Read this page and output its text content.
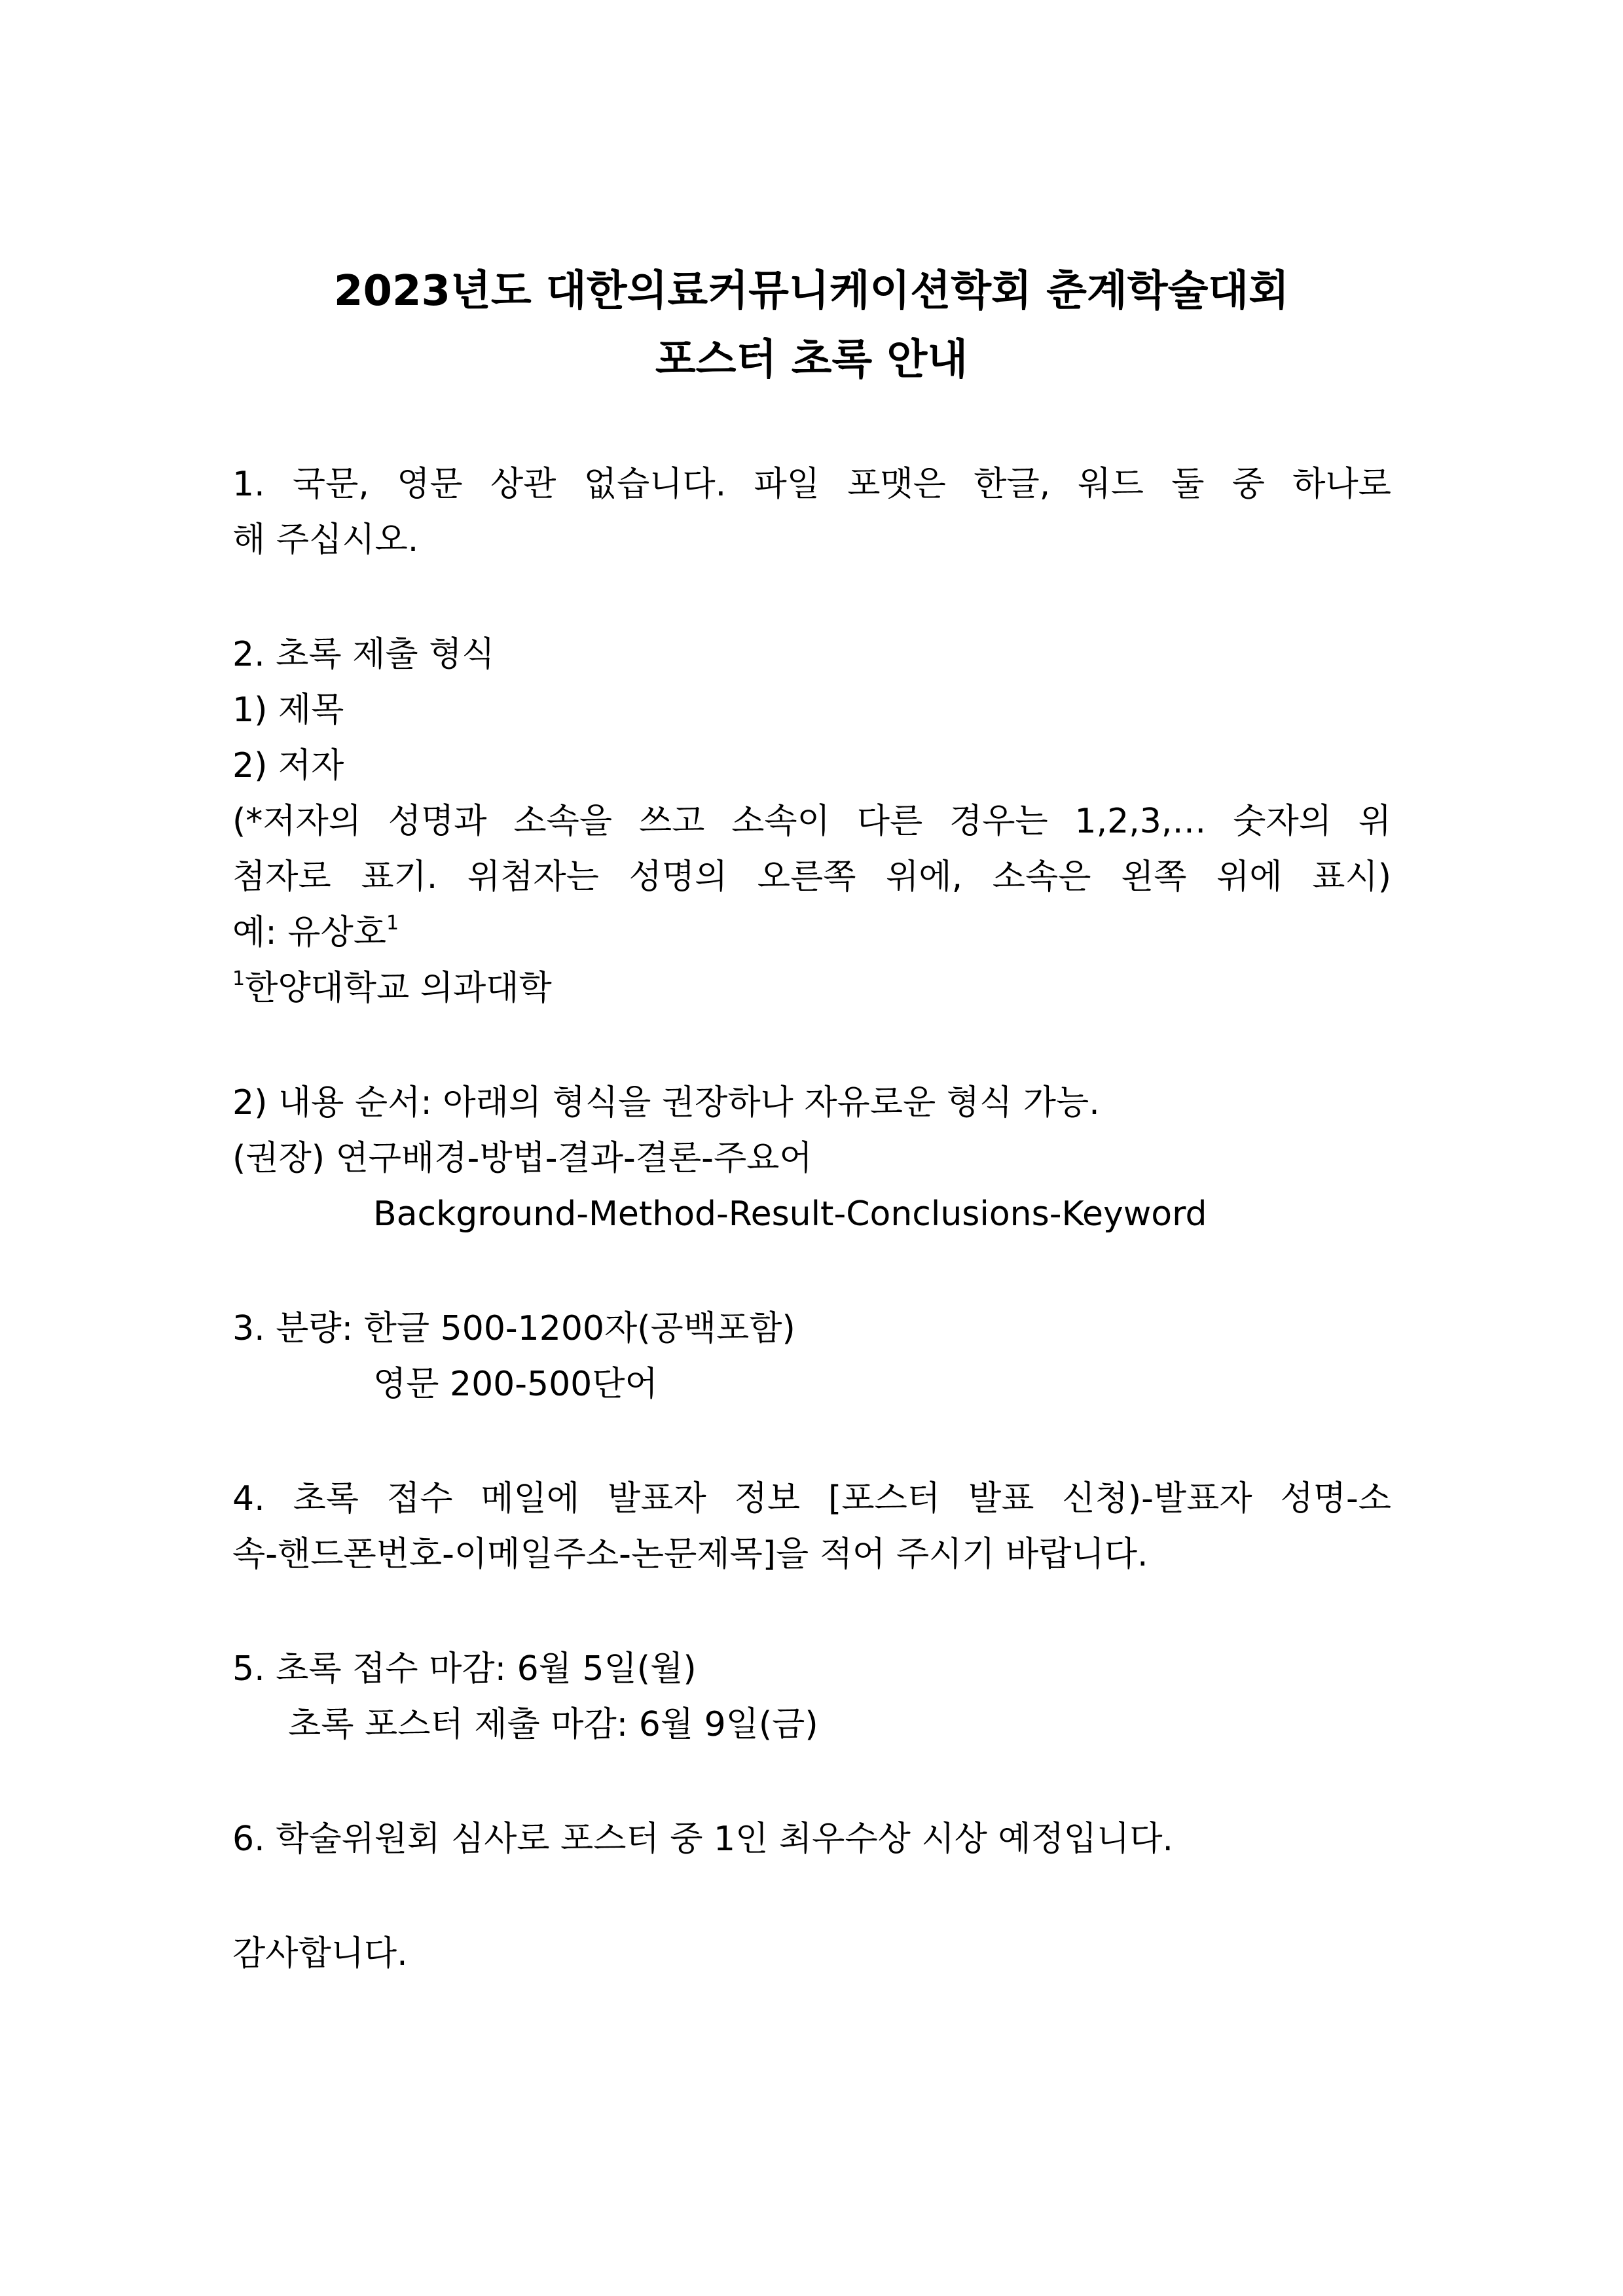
2023년도 대한의료커뮤니케이션학회 춘계학술대회
포스터 초록 안내
1. 국문, 영문 상관 없습니다. 파일 포맷은 한글, 워드 둘 중 하나로
해 주십시오.
2. 초록 제출 형식
1) 제목
2) 저자
(*저자의 성명과 소속을 쓰고 소속이 다른 경우는 1,2,3,… 숫자의 위
첨자로 표기. 위첨자는 성명의 오른쪽 위에, 소속은 왼쪽 위에 표시)
예: 유상호$^1$
$^1$한양대학교 의과대학
2) 내용 순서: 아래의 형식을 권장하나 자유로운 형식 가능.
(권장) 연구배경-방법-결과-결론-주요어
Background-Method-Result-Conclusions-Keyword
3. 분량: 한글 500-1200자(공백포함)
영문 200-500단어
4. 초록 접수 메일에 발표자 정보 [포스터 발표 신청)-발표자 성명-소
속-핸드폰번호-이메일주소-논문제목]을 적어 주시기 바랍니다.
5. 초록 접수 마감: 6월 5일(월)
초록 포스터 제출 마감: 6월 9일(금)
6. 학술위원회 심사로 포스터 중 1인 최우수상 시상 예정입니다.
감사합니다.
